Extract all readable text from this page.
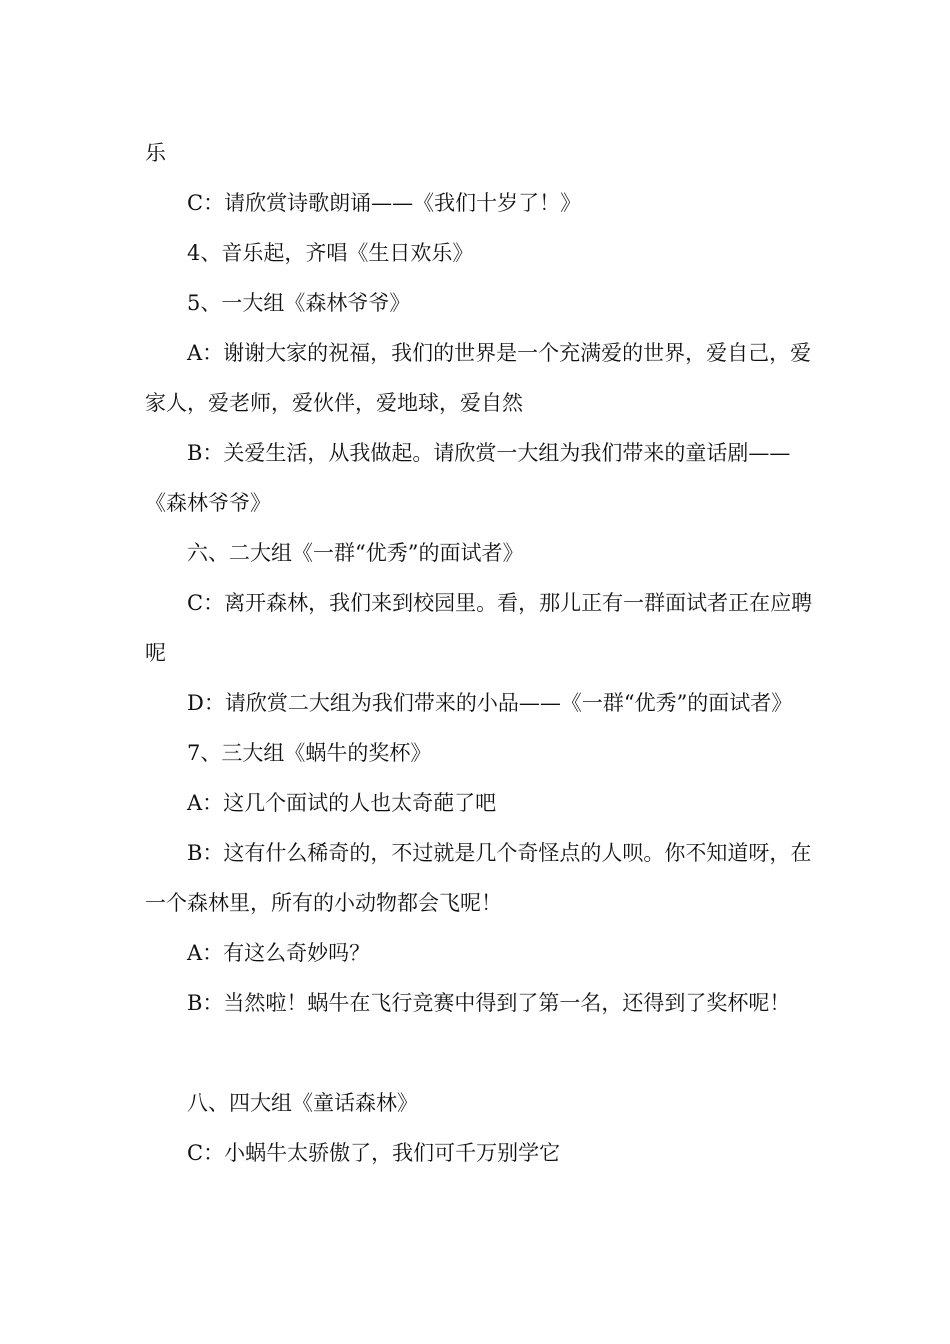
乐

C：请欣赏诗歌朗诵——《我们十岁了！》

4、音乐起，齐唱《生日欢乐》

5、一大组《森林爷爷》

A：谢谢大家的祝福，我们的世界是一个充满爱的世界，爱自己，爱家人，爱老师，爱伙伴，爱地球，爱自然

B：关爱生活，从我做起。请欣赏一大组为我们带来的童话剧——《森林爷爷》

六、二大组《一群“优秀”的面试者》

C：离开森林，我们来到校园里。看，那儿正有一群面试者正在应聘呢

D：请欣赏二大组为我们带来的小品——《一群“优秀”的面试者》

7、三大组《蜗牛的奖杯》

A：这几个面试的人也太奇葩了吧

B：这有什么稀奇的，不过就是几个奇怪点的人呗。你不知道呀，在一个森林里，所有的小动物都会飞呢！

A：有这么奇妙吗？

B：当然啦！蜗牛在飞行竞赛中得到了第一名，还得到了奖杯呢！

八、四大组《童话森林》

C：小蜗牛太骄傲了，我们可千万别学它
